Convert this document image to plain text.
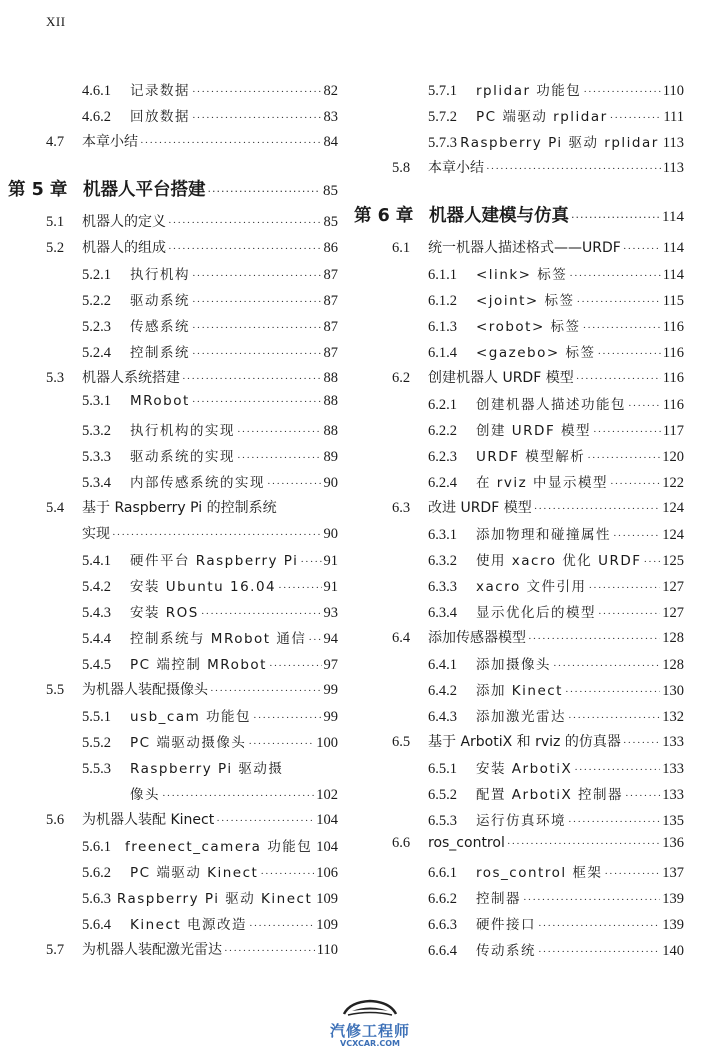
XII
4.6.1	记录数据 ·····	82
4.6.2	回放数据 ·····	83
4.7	本章小结 ·····	84
第 5 章 机器人平台搭建 ·····	85
5.1	机器人的定义 ·····	85
5.2	机器人的组成 ·····	86
5.2.1	执行机构 ·····	87
5.2.2	驱动系统 ·····	87
5.2.3	传感系统 ·····	87
5.2.4	控制系统 ·····	87
5.3	机器人系统搭建 ·····	88
5.3.1	MRobot ·····	88
5.3.2	执行机构的实现 ·····	88
5.3.3	驱动系统的实现 ·····	89
5.3.4	内部传感系统的实现 ·····	90
5.4	基于 Raspberry Pi 的控制系统
实现 ·····	90
5.4.1	硬件平台 Raspberry Pi ····· 91
5.4.2	安装 Ubuntu 16.04 ·····	91
5.4.3	安装 ROS ·····	93
5.4.4	控制系统与 MRobot 通信 ····· 94
5.4.5	PC 端控制 MRobot ·····	97
5.5	为机器人装配摄像头 ·····	99
5.5.1	usb_cam 功能包 ·····	99
5.5.2	PC 端驱动摄像头 ·····	100
5.5.3	Raspberry Pi 驱动摄
像头 ·····	102
5.6	为机器人装配 Kinect ·····	104
5.6.1	freenect_camera 功能包 104
5.6.2	PC 端驱动 Kinect ·····	106
5.6.3 Raspberry Pi 驱动 Kinect 109
5.6.4	Kinect 电源改造 ·····	109
5.7	为机器人装配激光雷达 ·····	110
5.7.1	rplidar 功能包 ·····	110
5.7.2	PC 端驱动 rplidar ·····	111
5.7.3 Raspberry Pi 驱动 rplidar 113
5.8	本章小结 ·····	113
第 6 章 机器人建模与仿真 ·····	114
6.1	统一机器人描述格式——URDF ·····	114
6.1.1	<link> 标签 ·····	114
6.1.2	<joint> 标签 ·····	115
6.1.3	<robot> 标签 ·····	116
6.1.4	<gazebo> 标签 ·····	116
6.2	创建机器人 URDF 模型 ·····	116
6.2.1	创建机器人描述功能包 ·····	116
6.2.2	创建 URDF 模型 ·····	117
6.2.3	URDF 模型解析 ·····	120
6.2.4	在 rviz 中显示模型 ·····	122
6.3	改进 URDF 模型 ·····	124
6.3.1	添加物理和碰撞属性 ·····	124
6.3.2	使用 xacro 优化 URDF ····· 125
6.3.3	xacro 文件引用 ·····	127
6.3.4	显示优化后的模型 ·····	127
6.4	添加传感器模型 ·····	128
6.4.1	添加摄像头 ·····	128
6.4.2	添加 Kinect ·····	130
6.4.3	添加激光雷达 ·····	132
6.5	基于 ArbotiX 和 rviz 的仿真器 ·····	133
6.5.1	安装 ArbotiX ·····	133
6.5.2	配置 ArbotiX 控制器 ·····	133
6.5.3	运行仿真环境 ·····	135
6.6	ros_control ·····	136
6.6.1	ros_control 框架 ·····	137
6.6.2	控制器 ·····	139
6.6.3	硬件接口 ·····	139
6.6.4	传动系统 ·····	140
汽修工程师
VCXCAR.COM
